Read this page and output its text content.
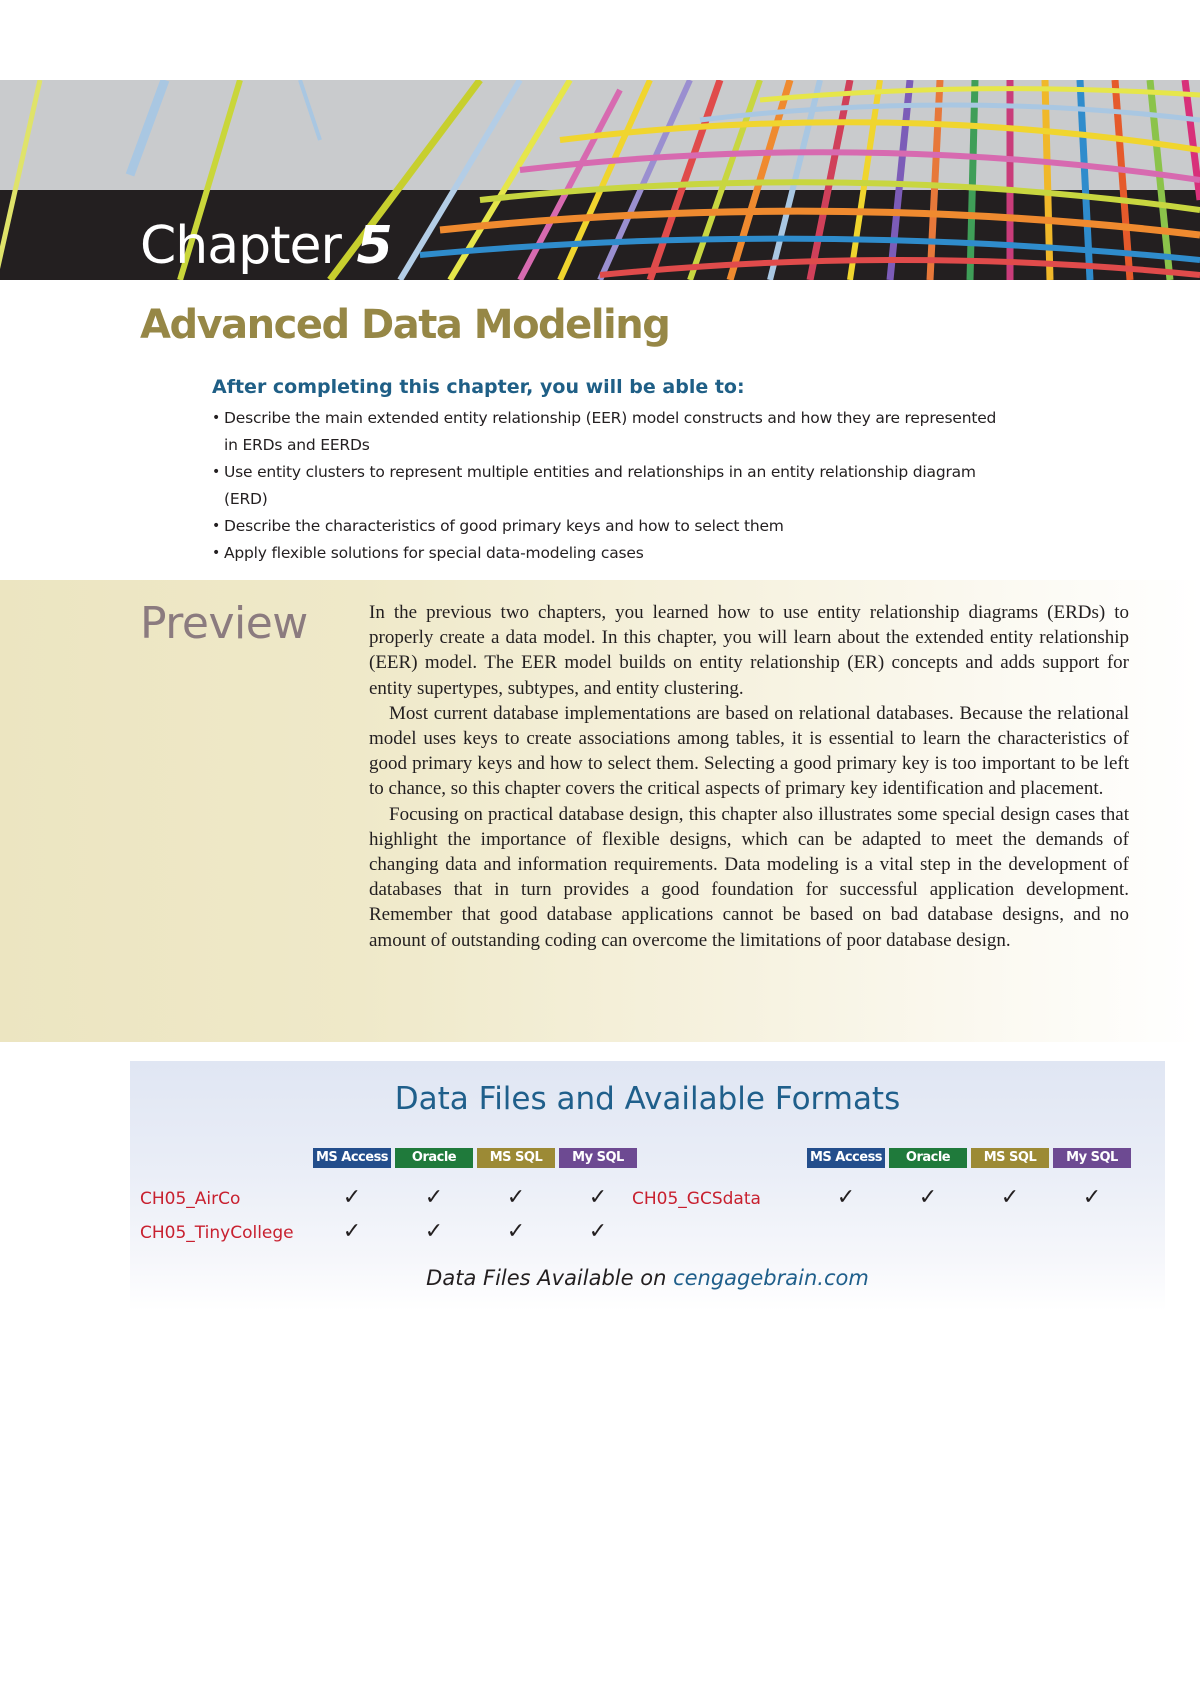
Chapter 5
Advanced Data Modeling
After completing this chapter, you will be able to:
• Describe the main extended entity relationship (EER) model constructs and how they are represented in ERDs and EERDs
• Use entity clusters to represent multiple entities and relationships in an entity relationship diagram (ERD)
• Describe the characteristics of good primary keys and how to select them
• Apply flexible solutions for special data-modeling cases
Preview	In the previous two chapters, you learned how to use entity relationship diagrams (ERDs) to properly create a data model. In this chapter, you will learn about the extended entity relationship (EER) model. The EER model builds on entity relationship (ER) concepts and adds support for entity supertypes, subtypes, and entity clustering.

Most current database implementations are based on relational databases. Because the relational model uses keys to create associations among tables, it is essential to learn the characteristics of good primary keys and how to select them. Selecting a good primary key is too important to be left to chance, so this chapter covers the critical aspects of primary key identification and placement.

Focusing on practical database design, this chapter also illustrates some special design cases that highlight the importance of flexible designs, which can be adapted to meet the demands of changing data and information requirements. Data modeling is a vital step in the development of databases that in turn provides a good foundation for successful application development. Remember that good database applications cannot be based on bad database designs, and no amount of outstanding coding can overcome the limitations of poor database design.

Data Files and Available Formats
MS Access	Oracle	MS SQL	My SQL	MS Access	Oracle	MS SQL	My SQL
CH05_AirCo	✓	✓	✓	✓	CH05_GCSdata	✓	✓	✓	✓
CH05_TinyCollege ✓	✓	✓	✓
Data Files Available on cengagebrain.com
